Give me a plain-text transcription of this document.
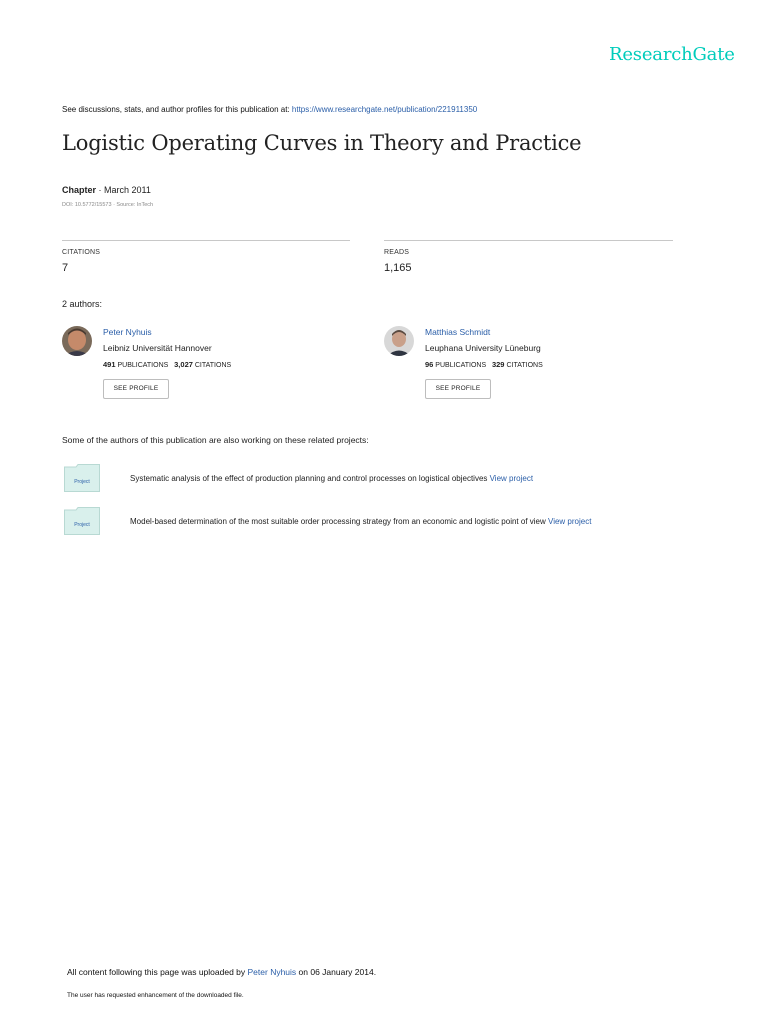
ResearchGate
See discussions, stats, and author profiles for this publication at: https://www.researchgate.net/publication/221911350
Logistic Operating Curves in Theory and Practice
Chapter · March 2011
DOI: 10.5772/15573 · Source: InTech
CITATIONS
7
READS
1,165
2 authors:
Peter Nyhuis
Leibniz Universität Hannover
491 PUBLICATIONS 3,027 CITATIONS
SEE PROFILE
Matthias Schmidt
Leuphana University Lüneburg
96 PUBLICATIONS 329 CITATIONS
SEE PROFILE
Some of the authors of this publication are also working on these related projects:
Project	Systematic analysis of the effect of production planning and control processes on logistical objectives View project
Project	Model-based determination of the most suitable order processing strategy from an economic and logistic point of view View project
All content following this page was uploaded by Peter Nyhuis on 06 January 2014.
The user has requested enhancement of the downloaded file.
